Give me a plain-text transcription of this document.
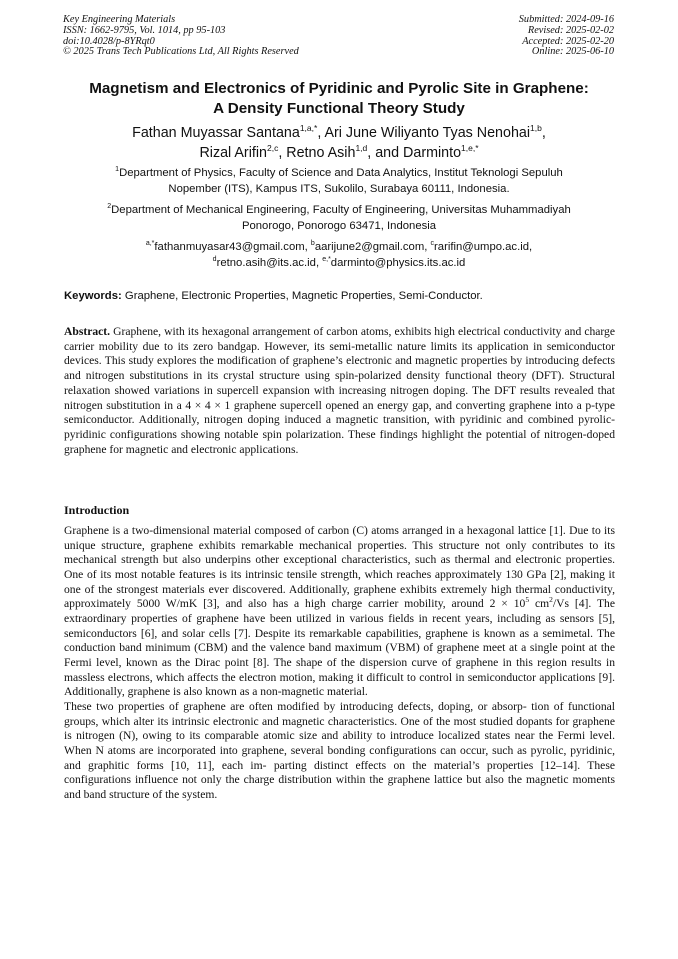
Key Engineering Materials
ISSN: 1662-9795, Vol. 1014, pp 95-103
doi:10.4028/p-8YRqt0
© 2025 Trans Tech Publications Ltd, All Rights Reserved
Submitted: 2024-09-16
Revised: 2025-02-02
Accepted: 2025-02-20
Online: 2025-06-10
Magnetism and Electronics of Pyridinic and Pyrolic Site in Graphene:
A Density Functional Theory Study
Fathan Muyassar Santana$^{1,a,*}$, Ari June Wiliyanto Tyas Nenohai$^{1,b}$,
Rizal Arifin$^{2,c}$, Retno Asih$^{1,d}$, and Darminto$^{1,e,*}$
$^1$Department of Physics, Faculty of Science and Data Analytics, Institut Teknologi Sepuluh
Nopember (ITS), Kampus ITS, Sukolilo, Surabaya 60111, Indonesia.
$^2$Department of Mechanical Engineering, Faculty of Engineering, Universitas Muhammadiyah
Ponorogo, Ponorogo 63471, Indonesia
$^{a,*}$fathanmuyasar43@gmail.com, $^b$aarijune2@gmail.com, $^c$rarifin@umpo.ac.id,
$^d$retno.asih@its.ac.id, $^{e,*}$darminto@physics.its.ac.id
Keywords: Graphene, Electronic Properties, Magnetic Properties, Semi-Conductor.

Abstract. Graphene, with its hexagonal arrangement of carbon atoms, exhibits high electrical conductivity and charge carrier mobility due to its zero bandgap. However, its semi-metallic nature limits its application in semiconductor devices. This study explores the modification of graphene’s electronic and magnetic properties by introducing defects and nitrogen substitutions in its crystal structure using spin-polarized density functional theory (DFT). Structural relaxation showed variations in supercell expansion with increasing nitrogen doping. The DFT results revealed that nitrogen substitution in a 4 × 4 × 1 graphene supercell opened an energy gap, and converting graphene into a p-type semiconductor. Additionally, nitrogen doping induced a magnetic transition, with pyridinic and combined pyrolic-pyridinic configurations showing notable spin polarization. These findings highlight the potential of nitrogen-doped graphene for magnetic and electronic applications.

Introduction

Graphene is a two-dimensional material composed of carbon (C) atoms arranged in a hexagonal lattice [1]. Due to its unique structure, graphene exhibits remarkable mechanical properties. This structure not only contributes to its mechanical strength but also underpins other exceptional characteristics, such as thermal and electronic properties. One of its most notable features is its intrinsic tensile strength, which reaches approximately 130 GPa [2], making it one of the strongest materials ever discovered. Additionally, graphene exhibits extremely high thermal conductivity, approximately 5000 W/mK [3], and also has a high charge carrier mobility, around $2 \times 10^5$ $cm^2/Vs$ [4]. The extraordinary properties of graphene have been utilized in various fields in recent years, including as sensors [5], semiconductors [6], and solar cells [7]. Despite its remarkable capabilities, graphene is known as a semimetal. The conduction band minimum (CBM) and the valence band maximum (VBM) of graphene meet at a single point at the Fermi level, known as the Dirac point [8]. The shape of the dispersion curve of graphene in this region results in massless electrons, which affects the electron motion, making it difficult to control in semiconductor applications [9]. Additionally, graphene is also known as a non-magnetic material.

These two properties of graphene are often modified by introducing defects, doping, or absorp- tion of functional groups, which alter its intrinsic electronic and magnetic characteristics. One of the most studied dopants for graphene is nitrogen (N), owing to its comparable atomic size and ability to introduce localized states near the Fermi level. When N atoms are incorporated into graphene, several bonding configurations can occur, such as pyrolic, pyridinic, and graphitic forms [10, 11], each im- parting distinct effects on the material’s properties [12–14]. These configurations influence not only the charge distribution within the graphene lattice but also the magnetic moments and band structure of the system.
